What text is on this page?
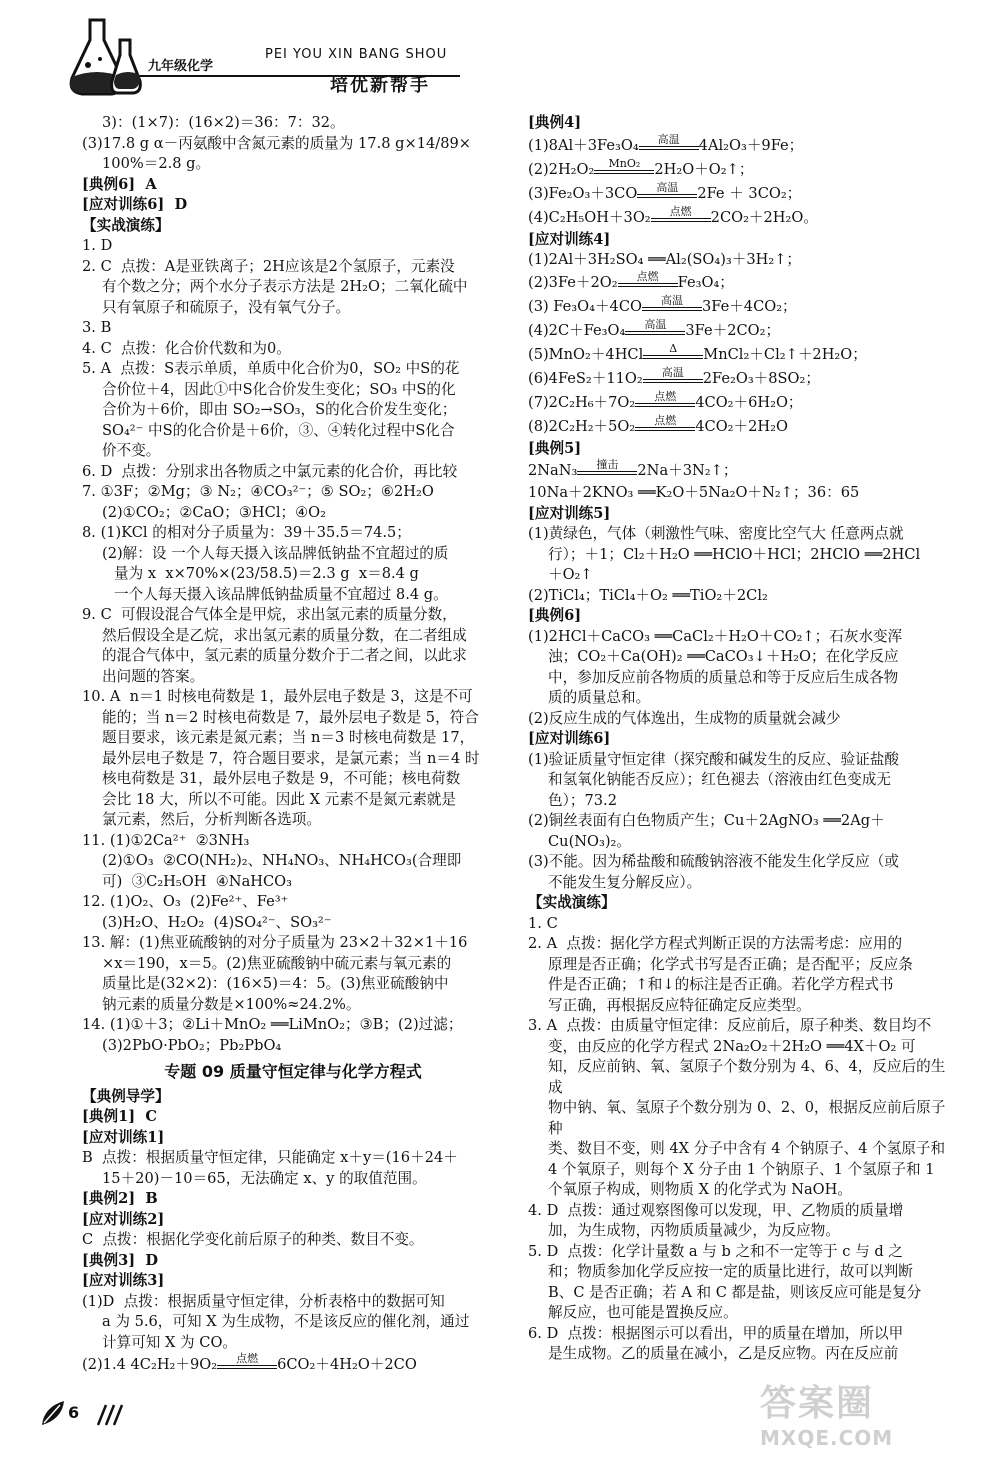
九年级化学
PEI YOU XIN BANG SHOU
培优新帮手
3)：(1×7)：(16×2)＝36：7：32。
(3)17.8 g α－丙氨酸中含氮元素的质量为 17.8 g×14/89×
100%＝2.8 g。
[典例6]  A
[应对训练6]  D
【实战演练】
1. D
2. C  点拨：A是亚铁离子；2H应该是2个氢原子，元素没
有个数之分；两个水分子表示方法是 2H₂O；二氧化硫中
只有氧原子和硫原子，没有氧气分子。
3. B
4. C  点拨：化合价代数和为0。
5. A  点拨：S表示单质，单质中化合价为0，SO₂ 中S的花
合价位＋4，因此①中S化合价发生变化；SO₃ 中S的化
合价为＋6价，即由 SO₂→SO₃，S的化合价发生变化；
SO₄²⁻ 中S的化合价是＋6价，③、④转化过程中S化合
价不变。
6. D  点拨：分别求出各物质之中氯元素的化合价，再比较
7. ①3F；②Mg；③ N₂；④CO₃²⁻；⑤ SO₂；⑥2H₂O
(2)①CO₂；②CaO；③HCl；④O₂
8. (1)KCl 的相对分子质量为：39＋35.5＝74.5；
(2)解：设 一个人每天摄入该品牌低钠盐不宜超过的质
量为 x  x×70%×(23/58.5)＝2.3 g  x＝8.4 g
一个人每天摄入该品牌低钠盐质量不宜超过 8.4 g。
9. C  可假设混合气体全是甲烷，求出氢元素的质量分数，
然后假设全是乙烷，求出氢元素的质量分数，在二者组成
的混合气体中，氢元素的质量分数介于二者之间，以此求
出问题的答案。
10. A  n＝1 时核电荷数是 1，最外层电子数是 3，这是不可
能的；当 n＝2 时核电荷数是 7，最外层电子数是 5，符合
题目要求，该元素是氮元素；当 n＝3 时核电荷数是 17，
最外层电子数是 7，符合题目要求，是氯元素；当 n＝4 时
核电荷数是 31，最外层电子数是 9，不可能；核电荷数
会比 18 大，所以不可能。因此 X 元素不是氮元素就是
氯元素，然后，分析判断各选项。
11. (1)①2Ca²⁺  ②3NH₃
(2)①O₃  ②CO(NH₂)₂、NH₄NO₃、NH₄HCO₃(合理即
可)  ③C₂H₅OH  ④NaHCO₃
12. (1)O₂、O₃  (2)Fe²⁺、Fe³⁺
(3)H₂O、H₂O₂  (4)SO₄²⁻、SO₃²⁻
13. 解：(1)焦亚硫酸钠的对分子质量为 23×2＋32×1＋16
×x＝190，x＝5。(2)焦亚硫酸钠中硫元素与氧元素的
质量比是(32×2)：(16×5)＝4：5。(3)焦亚硫酸钠中
钠元素的质量分数是×100%≈24.2%。
14. (1)①＋3；②Li＋MnO₂ ══LiMnO₂；③B；(2)过滤；
(3)2PbO·PbO₂；Pb₂PbO₄
专题 09 质量守恒定律与化学方程式
【典例导学】
[典例1]  C
[应对训练1]
B  点拨：根据质量守恒定律，只能确定 x＋y＝(16＋24＋
15＋20)－10＝65，无法确定 x、y 的取值范围。
[典例2]  B
[应对训练2]
C  点拨：根据化学变化前后原子的种类、数目不变。
[典例3]  D
[应对训练3]
(1)D  点拨：根据质量守恒定律，分析表格中的数据可知
a 为 5.6，可知 X 为生成物，不是该反应的催化剂，通过
计算可知 X 为 CO。
(2)1.4 4C₂H₂＋9O₂	点燃	6CO₂＋4H₂O＋2CO
[典例4]
(1)8Al＋3Fe₃O₄	高温	4Al₂O₃＋9Fe；
(2)2H₂O₂	MnO₂ 2H₂O＋O₂↑；
(3)Fe₂O₃＋3CO	高温	2Fe ＋ 3CO₂；
(4)C₂H₅OH＋3O₂	点燃	2CO₂＋2H₂O。
[应对训练4]
(1)2Al＋3H₂SO₄ ══Al₂(SO₄)₃＋3H₂↑；
(2)3Fe＋2O₂	点燃	Fe₃O₄；
(3) Fe₃O₄＋4CO	高温	3Fe＋4CO₂；
(4)2C＋Fe₃O₄	高温	3Fe＋2CO₂；
(5)MnO₂＋4HCl	Δ	MnCl₂＋Cl₂↑＋2H₂O；
(6)4FeS₂＋11O₂	高温	2Fe₂O₃＋8SO₂；
(7)2C₂H₆＋7O₂	点燃	4CO₂＋6H₂O；
(8)2C₂H₂＋5O₂	点燃	4CO₂＋2H₂O
[典例5]
2NaN₃	撞击	2Na＋3N₂↑；
10Na＋2KNO₃ ══K₂O＋5Na₂O＋N₂↑；36：65
[应对训练5]
(1)黄绿色，气体（刺激性气味、密度比空气大 任意两点就
行）；＋1；Cl₂＋H₂O ══HClO＋HCl；2HClO ══2HCl
＋O₂↑
(2)TiCl₄；TiCl₄＋O₂ ══TiO₂＋2Cl₂
[典例6]
(1)2HCl＋CaCO₃ ══CaCl₂＋H₂O＋CO₂↑；石灰水变浑
浊；CO₂＋Ca(OH)₂ ══CaCO₃↓＋H₂O；在化学反应
中，参加反应前各物质的质量总和等于反应后生成各物
质的质量总和。
(2)反应生成的气体逸出，生成物的质量就会减少
[应对训练6]
(1)验证质量守恒定律（探究酸和碱发生的反应、验证盐酸
和氢氧化钠能否反应）；红色褪去（溶液由红色变成无
色）；73.2
(2)铜丝表面有白色物质产生；Cu＋2AgNO₃ ══2Ag＋
Cu(NO₃)₂。
(3)不能。因为稀盐酸和硫酸钠溶液不能发生化学反应（或
不能发生复分解反应）。
【实战演练】
1. C
2. A  点拨：据化学方程式判断正误的方法需考虑：应用的
原理是否正确；化学式书写是否正确；是否配平；反应条
件是否正确；↑和↓的标注是否正确。若化学方程式书
写正确，再根据反应特征确定反应类型。
3. A  点拨：由质量守恒定律：反应前后，原子种类、数目均不
变，由反应的化学方程式 2Na₂O₂＋2H₂O ══4X＋O₂ 可
知，反应前钠、氧、氢原子个数分别为 4、6、4，反应后的生成
物中钠、氧、氢原子个数分别为 0、2、0，根据反应前后原子种
类、数目不变，则 4X 分子中含有 4 个钠原子、4 个氢原子和
4 个氧原子，则每个 X 分子由 1 个钠原子、1 个氢原子和 1
个氧原子构成，则物质 X 的化学式为 NaOH。
4. D  点拨：通过观察图像可以发现，甲、乙物质的质量增
加，为生成物，丙物质质量减少，为反应物。
5. D  点拨：化学计量数 a 与 b 之和不一定等于 c 与 d 之
和；物质参加化学反应按一定的质量比进行，故可以判断
B、C 是否正确；若 A 和 C 都是盐，则该反应可能是复分
解反应，也可能是置换反应。
6. D  点拨：根据图示可以看出，甲的质量在增加，所以甲
是生成物。乙的质量在减小，乙是反应物。丙在反应前
6	答案圈
MXQE.COM
